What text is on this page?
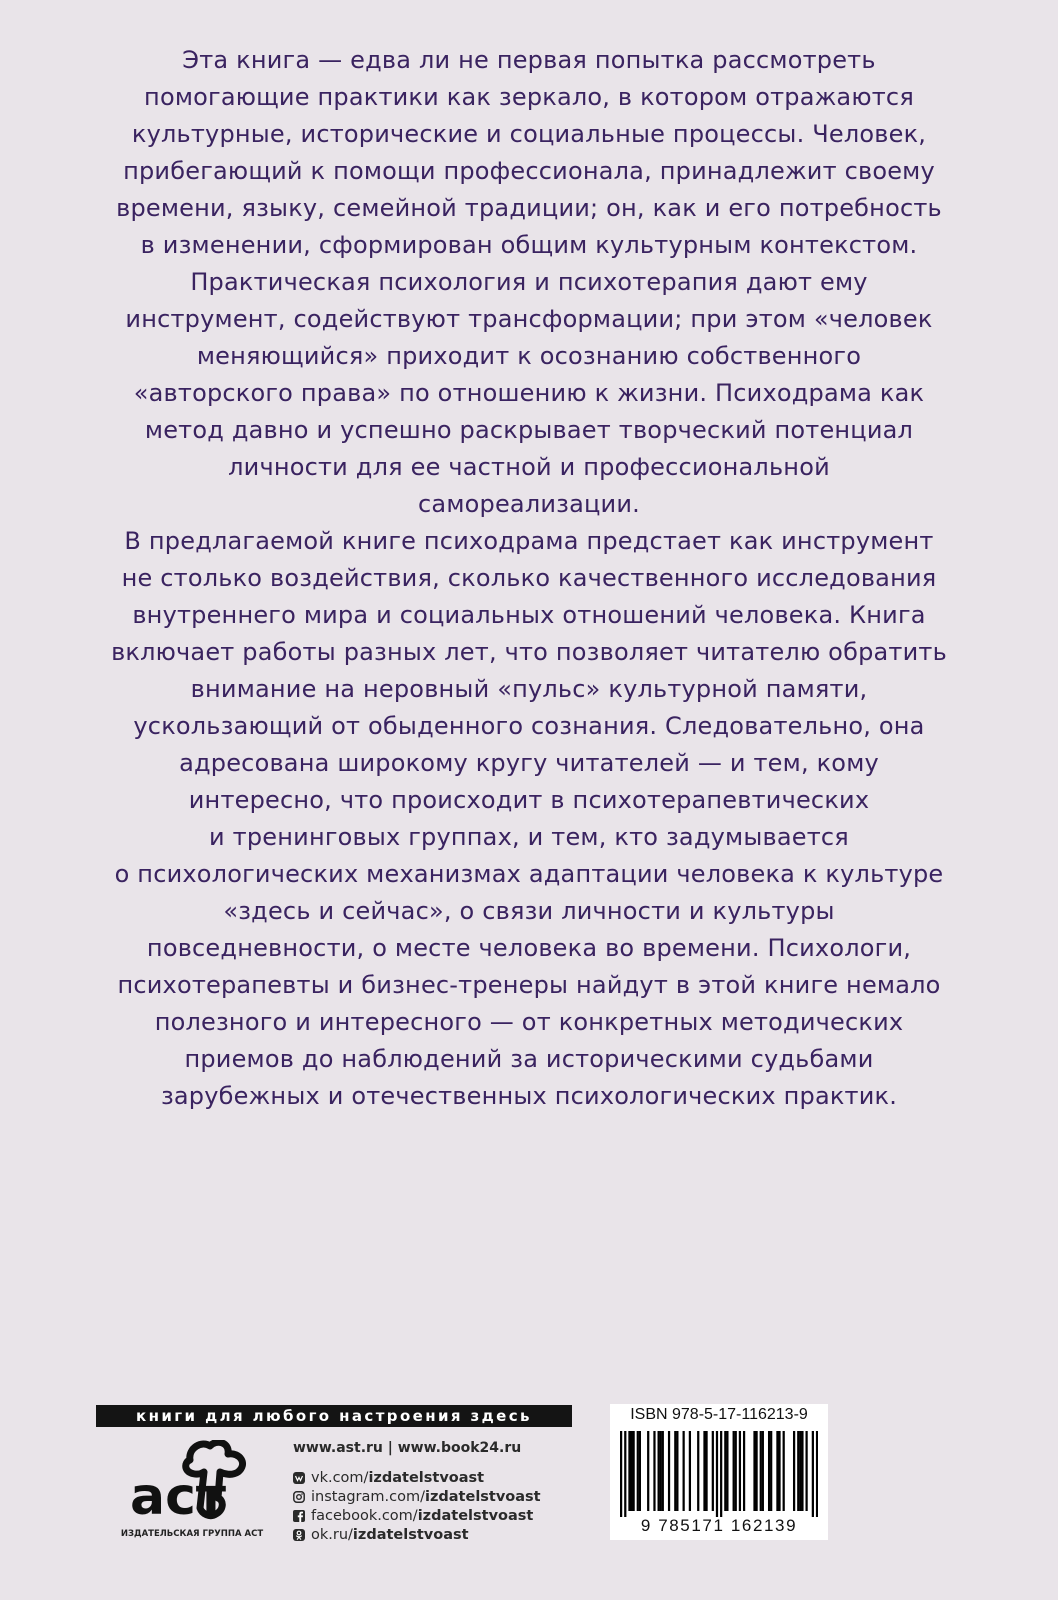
Эта книга — едва ли не первая попытка рассмотреть
помогающие практики как зеркало, в котором отражаются
культурные, исторические и социальные процессы. Человек,
прибегающий к помощи профессионала, принадлежит своему
времени, языку, семейной традиции; он, как и его потребность
в изменении, сформирован общим культурным контекстом.
Практическая психология и психотерапия дают ему
инструмент, содействуют трансформации; при этом «человек
меняющийся» приходит к осознанию собственного
«авторского права» по отношению к жизни. Психодрама как
метод давно и успешно раскрывает творческий потенциал
личности для ее частной и профессиональной
самореализации.
В предлагаемой книге психодрама предстает как инструмент
не столько воздействия, сколько качественного исследования
внутреннего мира и социальных отношений человека. Книга
включает работы разных лет, что позволяет читателю обратить
внимание на неровный «пульс» культурной памяти,
ускользающий от обыденного сознания. Следовательно, она
адресована широкому кругу читателей — и тем, кому
интересно, что происходит в психотерапевтических
и тренинговых группах, и тем, кто задумывается
о психологических механизмах адаптации человека к культуре
«здесь и сейчас», о связи личности и культуры
повседневности, о месте человека во времени. Психологи,
психотерапевты и бизнес-тренеры найдут в этой книге немало
полезного и интересного — от конкретных методических
приемов до наблюдений за историческими судьбами
зарубежных и отечественных психологических практик.
книги для любого настроения здесь
аст
ИЗДАТЕЛЬСКАЯ ГРУППА АСТ
www.ast.ru | www.book24.ru
vk.com/ izdatelstvoast
instagram.com/ izdatelstvoast
facebook.com/ izdatelstvoast
ok.ru/ izdatelstvoast
ISBN 978-5-17-116213-9
9 785171 162139
